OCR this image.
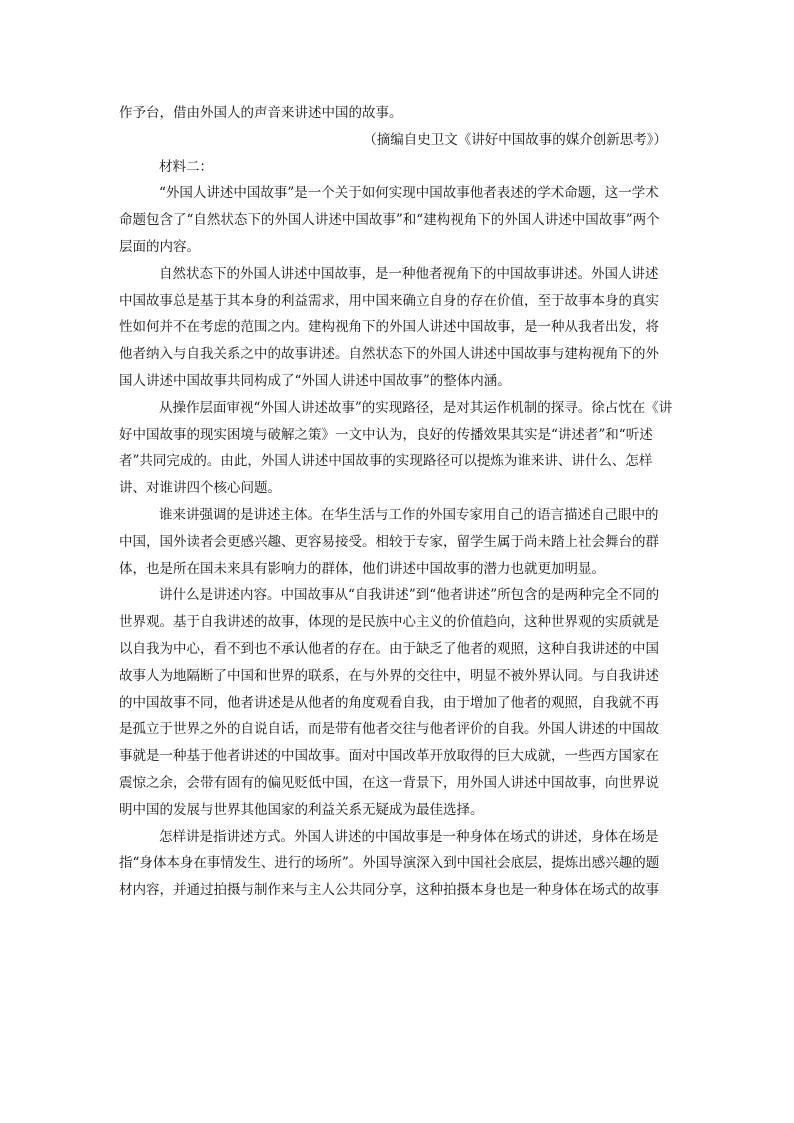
作予台，借由外国人的声音来讲述中国的故事。
（摘编自史卫文《讲好中国故事的媒介创新思考》）
材料二：
“外国人讲述中国故事”是一个关于如何实现中国故事他者表述的学术命题，这一学术
命题包含了“自然状态下的外国人讲述中国故事”和“建构视角下的外国人讲述中国故事”两个
层面的内容。
自然状态下的外国人讲述中国故事，是一种他者视角下的中国故事讲述。外国人讲述
中国故事总是基于其本身的利益需求，用中国来确立自身的存在价值，至于故事本身的真实
性如何并不在考虑的范围之内。建构视角下的外国人讲述中国故事，是一种从我者出发，将
他者纳入与自我关系之中的故事讲述。自然状态下的外国人讲述中国故事与建构视角下的外
国人讲述中国故事共同构成了“外国人讲述中国故事”的整体内涵。
从操作层面审视“外国人讲述故事”的实现路径，是对其运作机制的探寻。徐占忱在《讲
好中国故事的现实困境与破解之策》一文中认为，良好的传播效果其实是“讲述者”和“听述
者”共同完成的。由此，外国人讲述中国故事的实现路径可以提炼为谁来讲、讲什么、怎样
讲、对谁讲四个核心问题。
谁来讲强调的是讲述主体。在华生活与工作的外国专家用自己的语言描述自己眼中的
中国，国外读者会更感兴趣、更容易接受。相较于专家，留学生属于尚未踏上社会舞台的群
体，也是所在国未来具有影响力的群体，他们讲述中国故事的潜力也就更加明显。
讲什么是讲述内容。中国故事从“自我讲述”到“他者讲述”所包含的是两种完全不同的
世界观。基于自我讲述的故事，体现的是民族中心主义的价值趋向，这种世界观的实质就是
以自我为中心，看不到也不承认他者的存在。由于缺乏了他者的观照，这种自我讲述的中国
故事人为地隔断了中国和世界的联系，在与外界的交往中，明显不被外界认同。与自我讲述
的中国故事不同，他者讲述是从他者的角度观看自我，由于增加了他者的观照，自我就不再
是孤立于世界之外的自说自话，而是带有他者交往与他者评价的自我。外国人讲述的中国故
事就是一种基于他者讲述的中国故事。面对中国改革开放取得的巨大成就，一些西方国家在
震惊之余，会带有固有的偏见贬低中国，在这一背景下，用外国人讲述中国故事，向世界说
明中国的发展与世界其他国家的利益关系无疑成为最佳选择。
怎样讲是指讲述方式。外国人讲述的中国故事是一种身体在场式的讲述，身体在场是
指“身体本身在事情发生、进行的场所”。外国导演深入到中国社会底层，提炼出感兴趣的题
材内容，并通过拍摄与制作来与主人公共同分享，这种拍摄本身也是一种身体在场式的故事
